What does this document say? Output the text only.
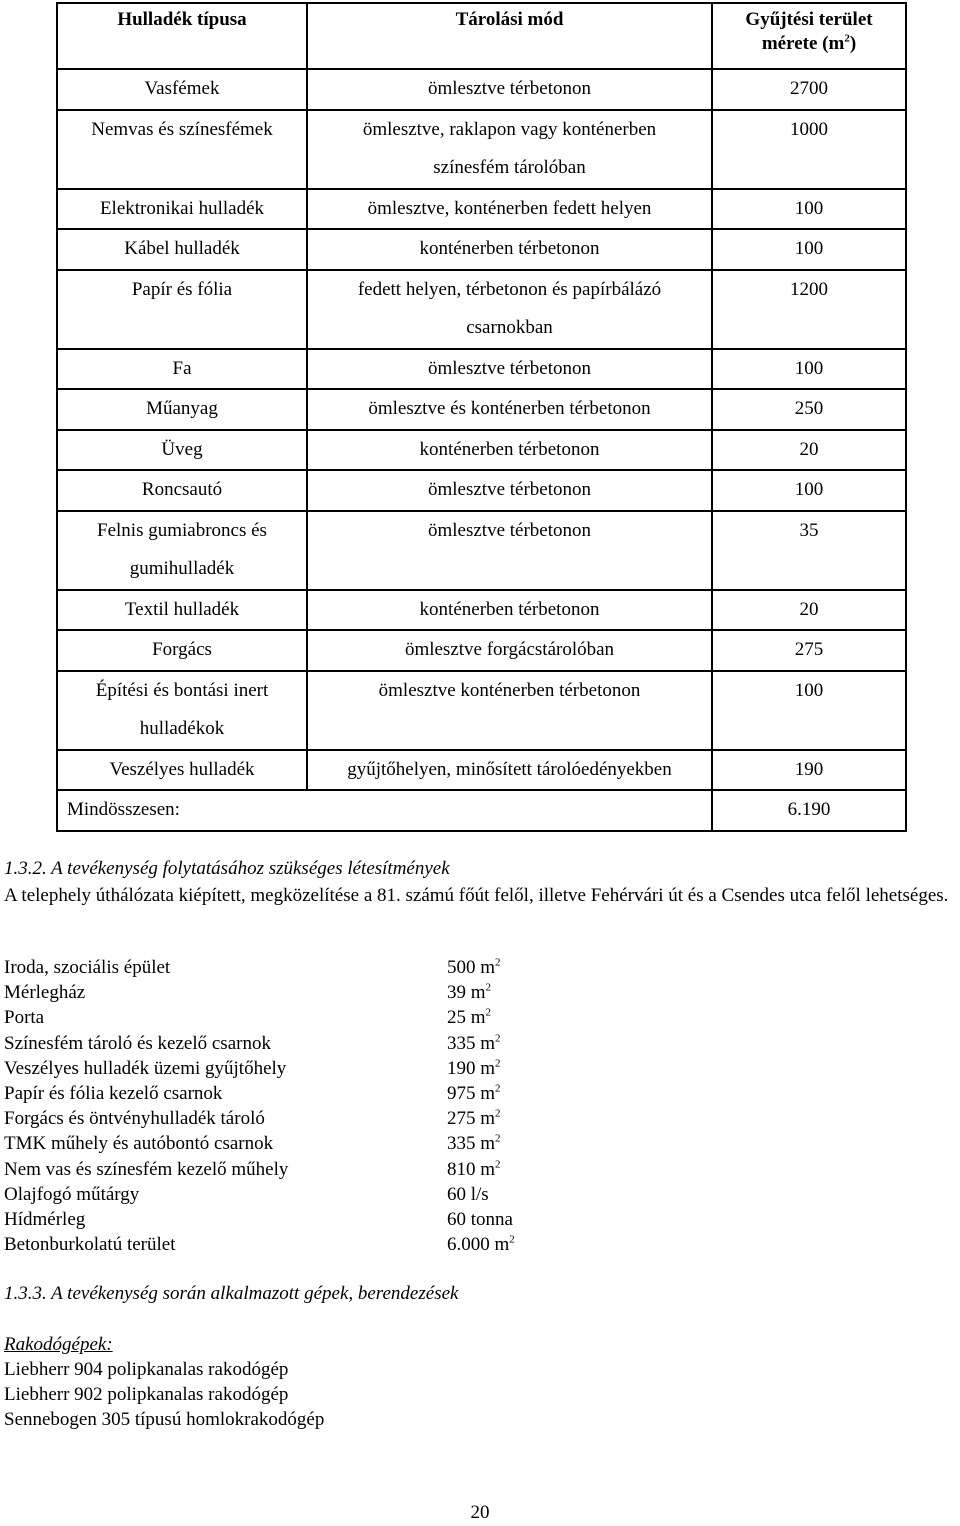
Hulladék típusa	Tárolási mód	Gyűjtési terület
mérete $(m^2)$

Vasfémek	ömlesztve térbetonon	2700

Nemvas és színesfémek	ömlesztve, raklapon vagy konténerben
színesfém tárolóban	1000

Elektronikai hulladék	ömlesztve, konténerben fedett helyen	100

Kábel hulladék	konténerben térbetonon	100

Papír és fólia	fedett helyen, térbetonon és papírbálázó
csarnokban	1200

Fa	ömlesztve térbetonon	100

Műanyag	ömlesztve és konténerben térbetonon	250

Üveg	konténerben térbetonon	20

Roncsautó	ömlesztve térbetonon	100

Felnis gumiabroncs és
gumihulladék	ömlesztve térbetonon	35

Textil hulladék	konténerben térbetonon	20

Forgács	ömlesztve forgácstárolóban	275

Építési és bontási inert
hulladékok	ömlesztve konténerben térbetonon	100

Veszélyes hulladék	gyűjtőhelyen, minősített tárolóedényekben	190

Mindösszesen:		6.190
1.3.2. A tevékenység folytatásához szükséges létesítmények
A telephely úthálózata kiépített, megközelítése a 81. számú főút felől, illetve Fehérvári út és a Csendes utca felől lehetséges.
Iroda, szociális épület	500 $m^2$
Mérlegház	39 $m^2$
Porta	25 $m^2$
Színesfém tároló és kezelő csarnok	335 $m^2$
Veszélyes hulladék üzemi gyűjtőhely	190 $m^2$
Papír és fólia kezelő csarnok	975 $m^2$
Forgács és öntvényhulladék tároló	275 $m^2$
TMK műhely és autóbontó csarnok	335 $m^2$
Nem vas és színesfém kezelő műhely	810 $m^2$
Olajfogó műtárgy	60 l/s
Hídmérleg	60 tonna
Betonburkolatú terület	6.000 $m^2$
1.3.3. A tevékenység során alkalmazott gépek, berendezések
Rakodógépek:
Liebherr 904 polipkanalas rakodógép
Liebherr 902 polipkanalas rakodógép
Sennebogen 305 típusú homlokrakodógép
20
